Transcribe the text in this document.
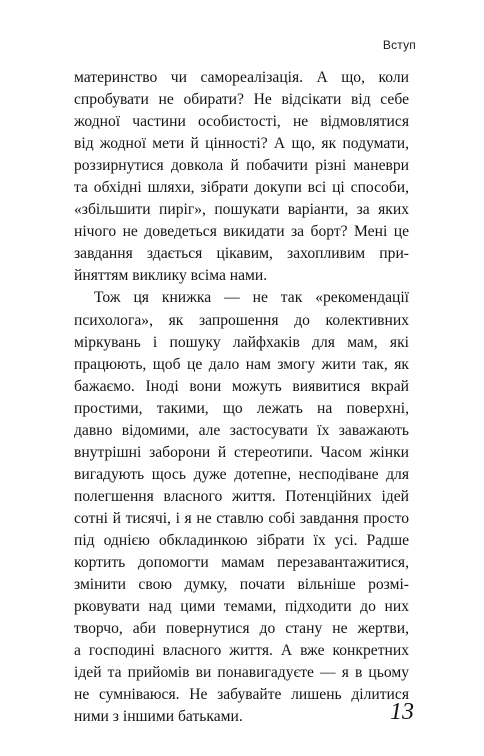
Вступ

материнство чи самореалізація. А що, коли
спробувати не обирати? Не відсікати від себе
жодної частини особистості, не відмовлятися
від жодної мети й цінності? А що, як подумати,
роззирнутися довкола й побачити різні маневри
та обхідні шляхи, зібрати докупи всі ці способи,
«збільшити пиріг», пошукати варіанти, за яких
нічого не доведеться викидати за борт? Мені це
завдання здається цікавим, захопливим при-
йняттям виклику всіма нами.

Тож ця книжка — не так «рекомендації
психолога», як запрошення до колективних
міркувань і пошуку лайфхаків для мам, які
працюють, щоб це дало нам змогу жити так, як
бажаємо. Іноді вони можуть виявитися вкрай
простими, такими, що лежать на поверхні,
давно відомими, але застосувати їх заважають
внутрішні заборони й стереотипи. Часом жінки
вигадують щось дуже дотепне, несподіване для
полегшення власного життя. Потенційних ідей
сотні й тисячі, і я не ставлю собі завдання просто
під однією обкладинкою зібрати їх усі. Радше
кортить допомогти мамам перезавантажитися,
змінити свою думку, почати вільніше розмі-
рковувати над цими темами, підходити до них
творчо, аби повернутися до стану не жертви,
а господині власного життя. А вже конкретних
ідей та прийомів ви понавигадуєте — я в цьому
не сумніваюся. Не забувайте лишень ділитися
ними з іншими батьками.	13
